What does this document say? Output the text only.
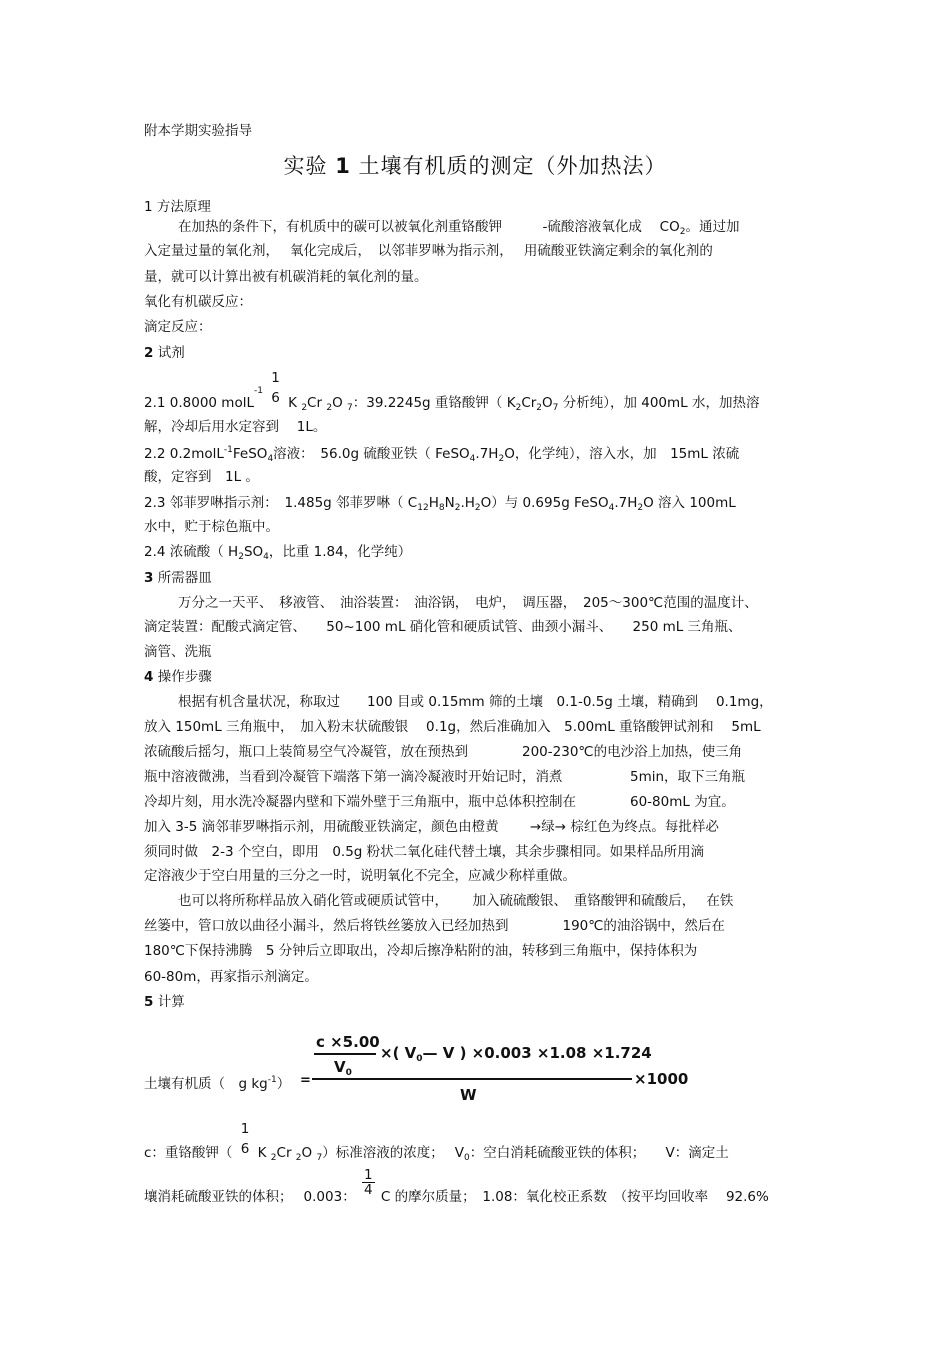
附本学期实验指导
实验 1 土壤有机质的测定（外加热法）
1 方法原理
在加热的条件下，有机质中的碳可以被氧化剂重铬酸钾　　　-硫酸溶液氧化成　 $CO_2$。通过加
入定量过量的氧化剂，　 氧化完成后，　以邻菲罗啉为指示剂，　 用硫酸亚铁滴定剩余的氧化剂的
量，就可以计算出被有机碳消耗的氧化剂的量。
氧化有机碳反应：
滴定反应：
2 试剂
2.1 0.8000 molL$^{-1}$
1
6 K $_2$Cr $_2$O $_7$：39.2245g 重铬酸钾（ $K_2Cr_2O_7$ 分析纯），加 400mL 水，加热溶
解，冷却后用水定容到　 1L。
2.2 0.2molL$^{-1}$FeSO$_4$溶液：　56.0g 硫酸亚铁（ $FeSO_4.7H_2O$，化学纯），溶入水，加　15mL 浓硫
酸，定容到　1L 。
2.3 邻菲罗啉指示剂：　1.485g 邻菲罗啉（ $C_{12}H_8N_2.H_2O$）与 0.695g $FeSO_4.7H_2O$ 溶入 100mL
水中，贮于棕色瓶中。
2.4 浓硫酸（ $H_2SO_4$，比重 1.84，化学纯）
3 所需器皿
万分之一天平、　移液管、　油浴装置：　油浴锅，　电炉，　调压器，　205～300℃范围的温度计、
滴定装置：配酸式滴定管、　　50~100 mL 硝化管和硬质试管、曲颈小漏斗、　　250 mL 三角瓶、
滴管、洗瓶
4 操作步骤
根据有机含量状况，称取过　　100 目或 0.15mm 筛的土壤　0.1-0.5g 土壤，精确到　 0.1mg，
放入 150mL 三角瓶中，　加入粉末状硫酸银　 0.1g，然后准确加入　5.00mL 重铬酸钾试剂和　 5mL
浓硫酸后摇匀，瓶口上装简易空气冷凝管，放在预热到　　　　200-230℃的电沙浴上加热，使三角
瓶中溶液微沸，当看到冷凝管下端落下第一滴冷凝液时开始记时，消煮　　　　　5min，取下三角瓶
冷却片刻，用水洗冷凝器内壁和下端外壁于三角瓶中，瓶中总体积控制在　　　　60-80mL 为宜。
加入 3-5 滴邻菲罗啉指示剂，用硫酸亚铁滴定，颜色由橙黄　　 →绿→ 棕红色为终点。每批样必
须同时做　2-3 个空白，即用　0.5g 粉状二氧化硅代替土壤，其余步骤相同。如果样品所用滴
定溶液少于空白用量的三分之一时，说明氧化不完全，应减少称样重做。
也可以将所称样品放入硝化管或硬质试管中，　　 加入硫硫酸银、　重铬酸钾和硫酸后，　 在铁
丝篓中，管口放以曲径小漏斗，然后将铁丝篓放入已经加热到　　　　190℃的油浴锅中，然后在
180℃下保持沸腾　5 分钟后立即取出，冷却后擦净粘附的油，转移到三角瓶中，保持体积为
60-80m，再家指示剂滴定。
5 计算
土壤有机质（　g $kg^{-1}$） =
c ×5.00
$V_0$
×( $V_0—$ V ) ×0.003 ×1.08 ×1.724
W
×1000
c：重铬酸钾（
1
6 K $_2$Cr $_2$O $_7$）标准溶液的浓度；　 $V_0$：空白消耗硫酸亚铁的体积；　　V：滴定土
壤消耗硫酸亚铁的体积；　 0.003： $\frac{1}{4}$ C 的摩尔质量；　1.08：氧化校正系数　（按平均回收率　 92.6%
